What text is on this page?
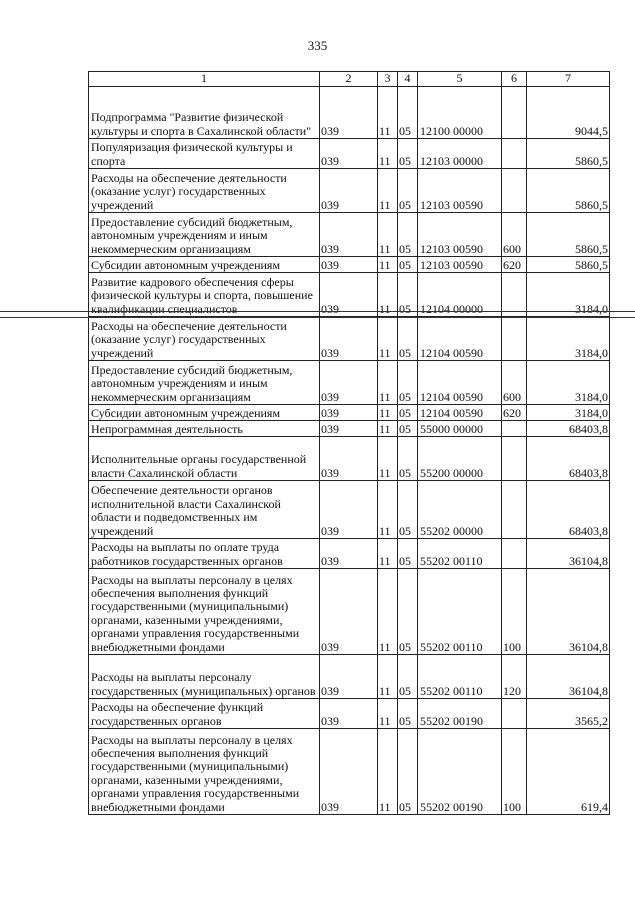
335
1	2	3	4	5	6	7
Подпрограмма "Развитие физической культуры и спорта в Сахалинской области"	039	11	05	12100 00000		9044,5
Популяризация физической культуры и спорта	039	11	05	12103 00000		5860,5
Расходы на обеспечение деятельности (оказание услуг) государственных учреждений	039	11	05	12103 00590		5860,5
Предоставление субсидий бюджетным, автономным учреждениям и иным некоммерческим организациям	039	11	05	12103 00590	600	5860,5
Субсидии автономным учреждениям	039	11	05	12103 00590	620	5860,5
Развитие кадрового обеспечения сферы физической культуры и спорта, повышение квалификации специалистов	039	11	05	12104 00000		3184,0
Расходы на обеспечение деятельности (оказание услуг) государственных учреждений	039	11	05	12104 00590		3184,0
Предоставление субсидий бюджетным, автономным учреждениям и иным некоммерческим организациям	039	11	05	12104 00590	600	3184,0
Субсидии автономным учреждениям	039	11	05	12104 00590	620	3184,0
Непрограммная деятельность	039	11	05	55000 00000		68403,8
Исполнительные органы государственной власти Сахалинской области	039	11	05	55200 00000		68403,8
Обеспечение деятельности органов исполнительной власти Сахалинской области и подведомственных им учреждений	039	11	05	55202 00000		68403,8
Расходы на выплаты по оплате труда работников государственных органов	039	11	05	55202 00110		36104,8
Расходы на выплаты персоналу в целях обеспечения выполнения функций государственными (муниципальными) органами, казенными учреждениями, органами управления государственными внебюджетными фондами	039	11	05	55202 00110	100	36104,8
Расходы на выплаты персоналу государственных (муниципальных) органов	039	11	05	55202 00110	120	36104,8
Расходы на обеспечение функций государственных органов	039	11	05	55202 00190		3565,2
Расходы на выплаты персоналу в целях обеспечения выполнения функций государственными (муниципальными) органами, казенными учреждениями, органами управления государственными внебюджетными фондами	039	11	05	55202 00190	100	619,4
